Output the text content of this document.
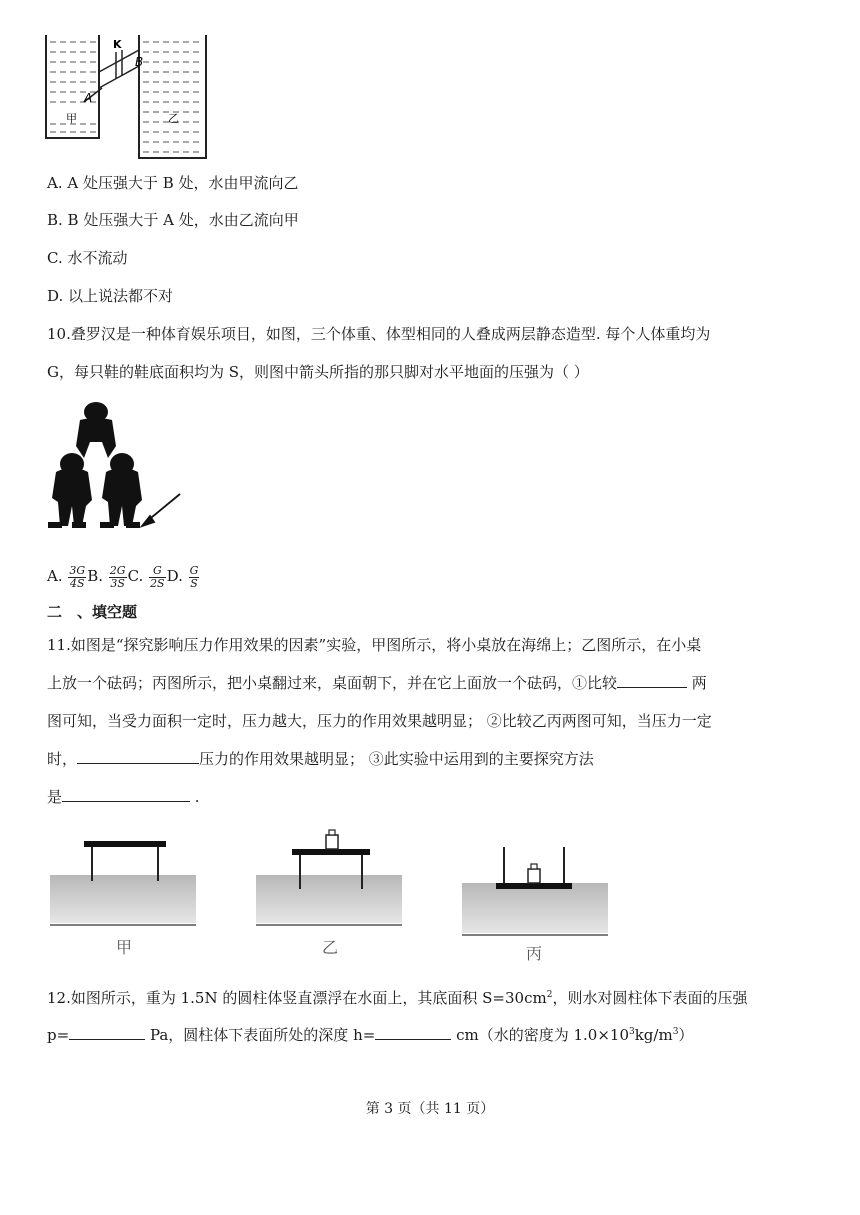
K
B
A
甲	乙
A. A 处压强大于 B 处，水由甲流向乙
B. B 处压强大于 A 处，水由乙流向甲
C. 水不流动
D. 以上说法都不对
10.叠罗汉是一种体育娱乐项目，如图，三个体重、体型相同的人叠成两层静态造型. 每个人体重均为
G，每只鞋的鞋底面积均为 S，则图中箭头所指的那只脚对水平地面的压强为（ ）
A. $\frac{3G}{4S} B$. $\frac{2G}{3S} C$. $\frac{G}{2S} D$. $\frac{G}{S}$
二　、填空题
11.如图是“探究影响压力作用效果的因素”实验，甲图所示，将小桌放在海绵上；乙图所示，在小桌
上放一个砝码；丙图所示，把小桌翻过来，桌面朝下，并在它上面放一个砝码，①比较	两
图可知，当受力面积一定时，压力越大，压力的作用效果越明显； ②比较乙丙两图可知，当压力一定
时，	压力的作用效果越明显； ③此实验中运用到的主要探究方法
是	.
甲	乙	丙
12.如图所示，重为 1.5N 的圆柱体竖直漂浮在水面上，其底面积 $S=30cm^2$，则水对圆柱体下表面的压强
p=	Pa，圆柱体下表面所处的深度 h=	cm（水的密度为 $1.0\times 10^3kg/m^3$）
第 3 页（共 11 页）
